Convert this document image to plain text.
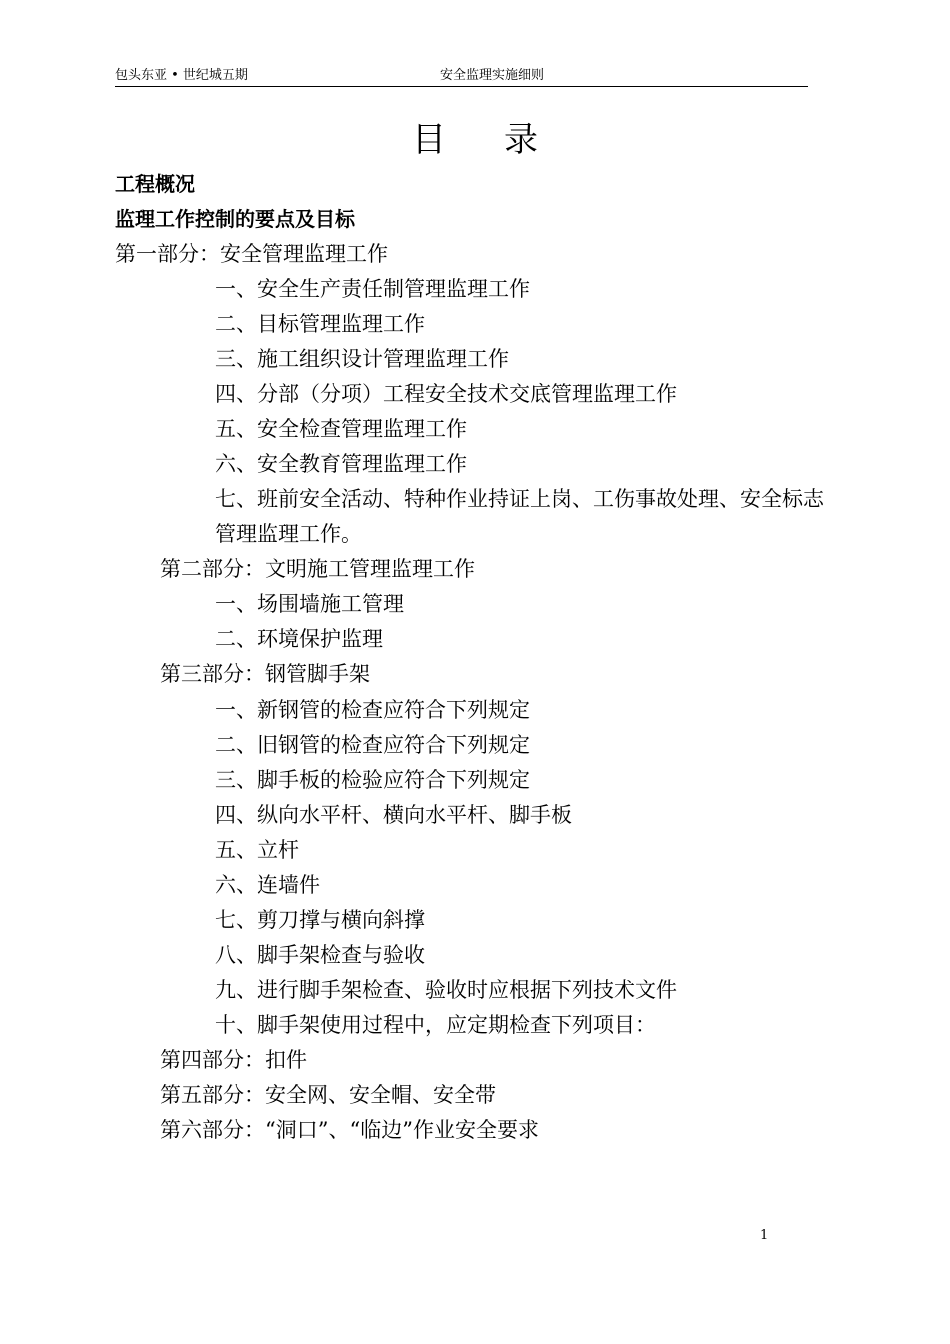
包头东亚 • 世纪城五期	安全监理实施细则
目 录
工程概况
监理工作控制的要点及目标
第一部分：安全管理监理工作
一、安全生产责任制管理监理工作
二、目标管理监理工作
三、施工组织设计管理监理工作
四、分部（分项）工程安全技术交底管理监理工作
五、安全检查管理监理工作
六、安全教育管理监理工作
七、班前安全活动、特种作业持证上岗、工伤事故处理、安全标志
管理监理工作。
第二部分：文明施工管理监理工作
一、场围墙施工管理
二、环境保护监理
第三部分：钢管脚手架
一、新钢管的检查应符合下列规定
二、旧钢管的检查应符合下列规定
三、脚手板的检验应符合下列规定
四、纵向水平杆、横向水平杆、脚手板
五、立杆
六、连墙件
七、剪刀撑与横向斜撑
八、脚手架检查与验收
九、进行脚手架检查、验收时应根据下列技术文件
十、脚手架使用过程中，应定期检查下列项目：
第四部分：扣件
第五部分：安全网、安全帽、安全带
第六部分：“洞口”、“临边”作业安全要求
1
